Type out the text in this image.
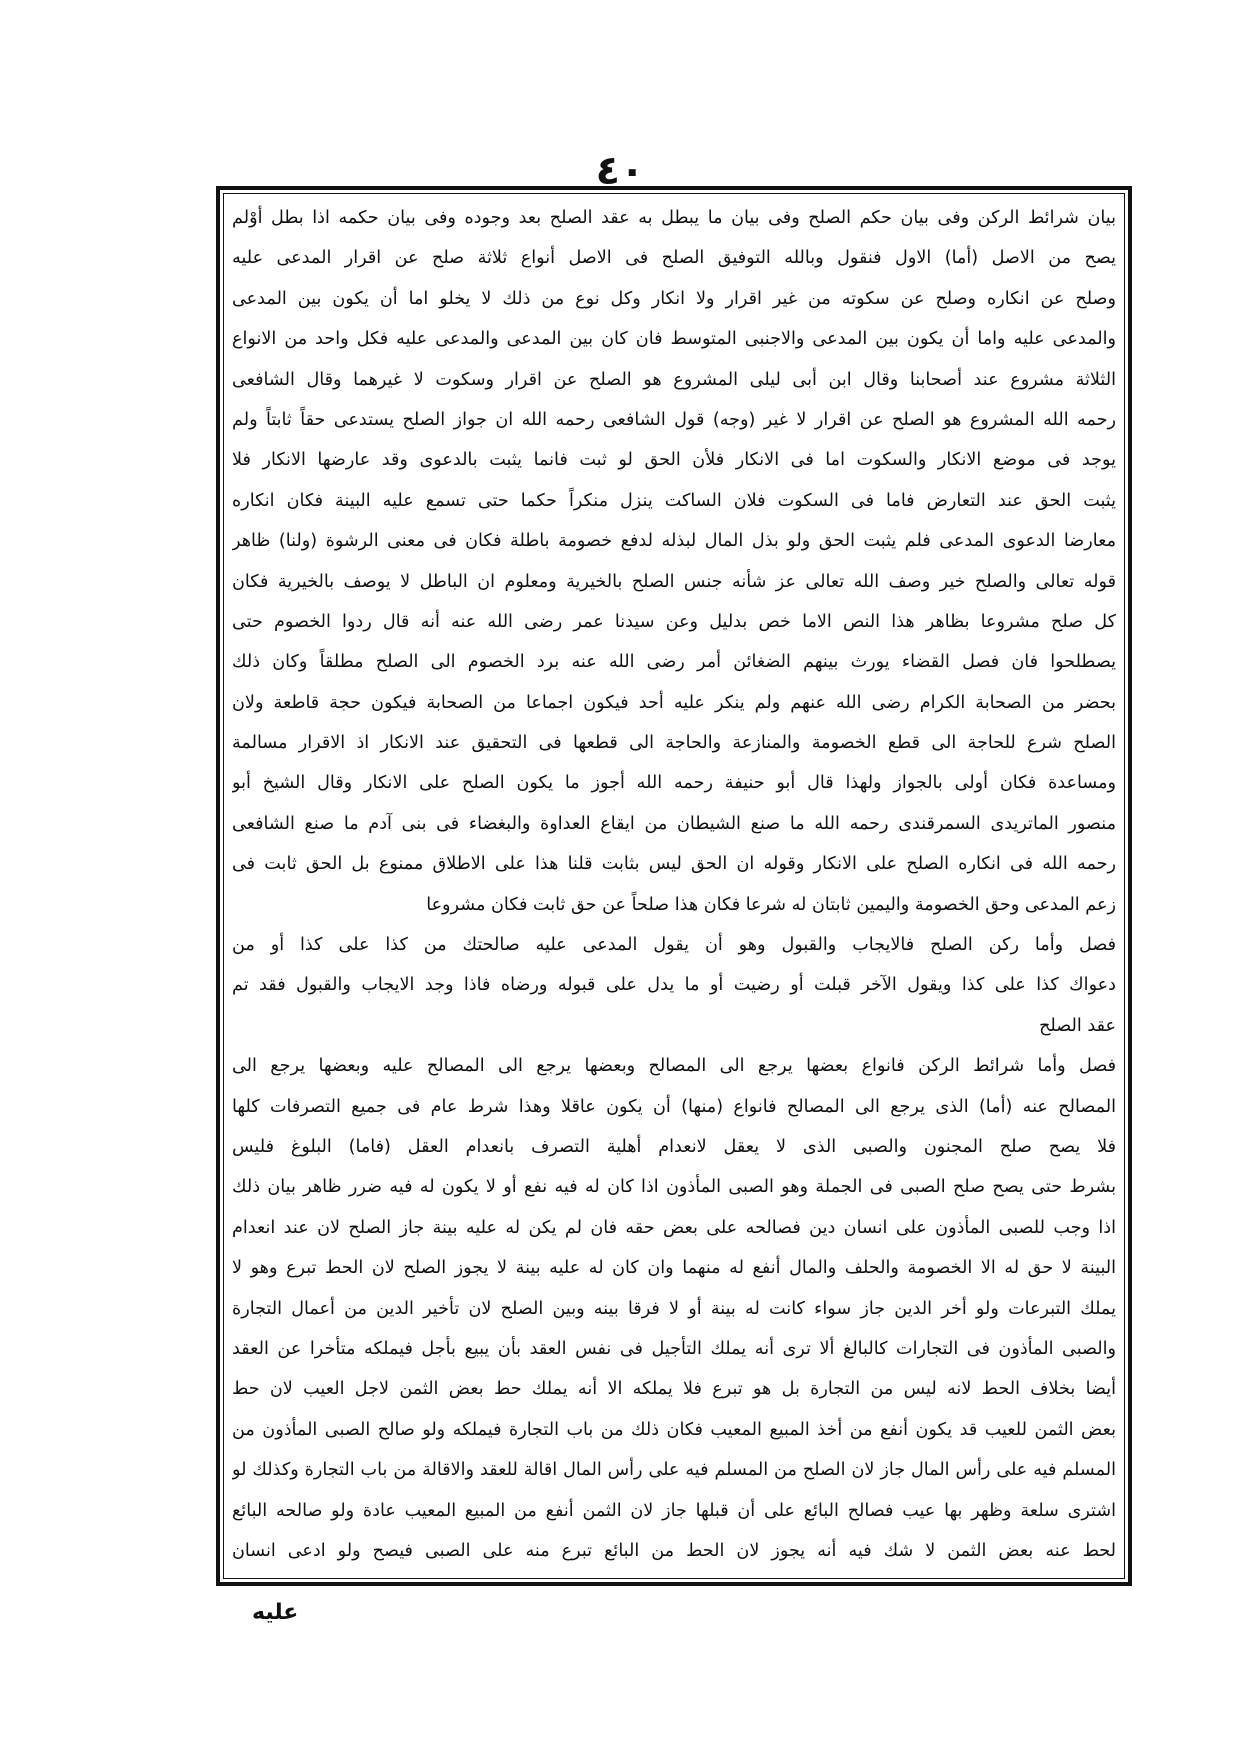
٤٠
بيان شرائط الركن وفى بيان حكم الصلح وفى بيان ما يبطل به عقد الصلح بعد وجوده وفى بيان حكمه اذا بطل أوْلم
يصح من الاصل (أما) الاول فنقول وبالله التوفيق الصلح فى الاصل أنواع ثلاثة صلح عن اقرار المدعى عليه
وصلح عن انكاره وصلح عن سكوته من غير اقرار ولا انكار وكل نوع من ذلك لا يخلو اما أن يكون بين المدعى
والمدعى عليه واما أن يكون بين المدعى والاجنبى المتوسط فان كان بين المدعى والمدعى عليه فكل واحد من الانواع
الثلاثة مشروع عند أصحابنا وقال ابن أبى ليلى المشروع هو الصلح عن اقرار وسكوت لا غيرهما وقال الشافعى
رحمه الله المشروع هو الصلح عن اقرار لا غير (وجه) قول الشافعى رحمه الله ان جواز الصلح يستدعى حقاً ثابتاً ولم
يوجد فى موضع الانكار والسكوت اما فى الانكار فلأن الحق لو ثبت فانما يثبت بالدعوى وقد عارضها الانكار فلا
يثبت الحق عند التعارض فاما فى السكوت فلان الساكت ينزل منكراً حكما حتى تسمع عليه البينة فكان انكاره
معارضا الدعوى المدعى فلم يثبت الحق ولو بذل المال لبذله لدفع خصومة باطلة فكان فى معنى الرشوة (ولنا) ظاهر
قوله تعالى والصلح خير وصف الله تعالى عز شأنه جنس الصلح بالخيرية ومعلوم ان الباطل لا يوصف بالخيرية فكان
كل صلح مشروعا بظاهر هذا النص الاما خص بدليل وعن سيدنا عمر رضى الله عنه أنه قال ردوا الخصوم حتى
يصطلحوا فان فصل القضاء يورث بينهم الضغائن أمر رضى الله عنه برد الخصوم الى الصلح مطلقاً وكان ذلك
بحضر من الصحابة الكرام رضى الله عنهم ولم ينكر عليه أحد فيكون اجماعا من الصحابة فيكون حجة قاطعة ولان
الصلح شرع للحاجة الى قطع الخصومة والمنازعة والحاجة الى قطعها فى التحقيق عند الانكار اذ الاقرار مسالمة
ومساعدة فكان أولى بالجواز ولهذا قال أبو حنيفة رحمه الله أجوز ما يكون الصلح على الانكار وقال الشيخ أبو
منصور الماتريدى السمرقندى رحمه الله ما صنع الشيطان من ايقاع العداوة والبغضاء فى بنى آدم ما صنع الشافعى
رحمه الله فى انكاره الصلح على الانكار وقوله ان الحق ليس بثابت قلنا هذا على الاطلاق ممنوع بل الحق ثابت فى
زعم المدعى وحق الخصومة واليمين ثابتان له شرعا فكان هذا صلحاً عن حق ثابت فكان مشروعا
فصل وأما ركن الصلح فالايجاب والقبول وهو أن يقول المدعى عليه صالحتك من كذا على كذا أو من
دعواك كذا على كذا ويقول الآخر قبلت أو رضيت أو ما يدل على قبوله ورضاه فاذا وجد الايجاب والقبول فقد تم
عقد الصلح
فصل وأما شرائط الركن فانواع بعضها يرجع الى المصالح وبعضها يرجع الى المصالح عليه وبعضها يرجع الى
المصالح عنه (أما) الذى يرجع الى المصالح فانواع (منها) أن يكون عاقلا وهذا شرط عام فى جميع التصرفات كلها
فلا يصح صلح المجنون والصبى الذى لا يعقل لانعدام أهلية التصرف بانعدام العقل (فاما) البلوغ فليس
بشرط حتى يصح صلح الصبى فى الجملة وهو الصبى المأذون اذا كان له فيه نفع أو لا يكون له فيه ضرر ظاهر بيان ذلك
اذا وجب للصبى المأذون على انسان دين فصالحه على بعض حقه فان لم يكن له عليه بينة جاز الصلح لان عند انعدام
البينة لا حق له الا الخصومة والحلف والمال أنفع له منهما وان كان له عليه بينة لا يجوز الصلح لان الحط تبرع وهو لا
يملك التبرعات ولو أخر الدين جاز سواء كانت له بينة أو لا فرقا بينه وبين الصلح لان تأخير الدين من أعمال التجارة
والصبى المأذون فى التجارات كالبالغ ألا ترى أنه يملك التأجيل فى نفس العقد بأن يبيع بأجل فيملكه متأخرا عن العقد
أيضا بخلاف الحط لانه ليس من التجارة بل هو تبرع فلا يملكه الا أنه يملك حط بعض الثمن لاجل العيب لان حط
بعض الثمن للعيب قد يكون أنفع من أخذ المبيع المعيب فكان ذلك من باب التجارة فيملكه ولو صالح الصبى المأذون من
المسلم فيه على رأس المال جاز لان الصلح من المسلم فيه على رأس المال اقالة للعقد والاقالة من باب التجارة وكذلك لو
اشترى سلعة وظهر بها عيب فصالح البائع على أن قبلها جاز لان الثمن أنفع من المبيع المعيب عادة ولو صالحه البائع
لحط عنه بعض الثمن لا شك فيه أنه يجوز لان الحط من البائع تبرع منه على الصبى فيصح ولو ادعى انسان
عليه
